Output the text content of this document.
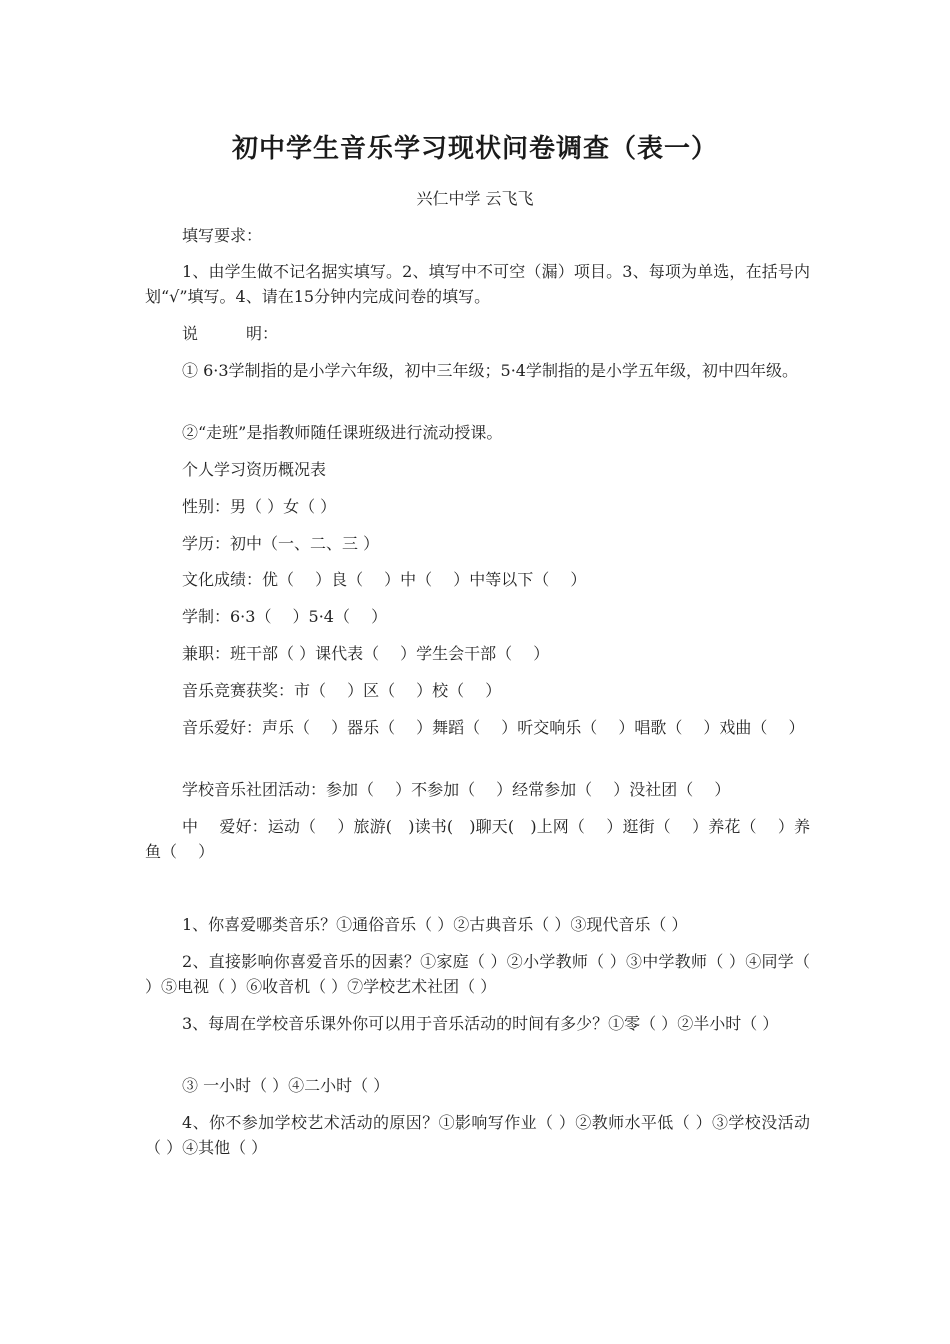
初中学生音乐学习现状问卷调查（表一）
兴仁中学 云飞飞
填写要求：
1、由学生做不记名据实填写。2、填写中不可空（漏）项目。3、每项为单选，在括号内划“√”填写。4、请在15分钟内完成问卷的填写。
说　　　明：
① 6·3学制指的是小学六年级，初中三年级；5·4学制指的是小学五年级，初中四年级。
②“走班”是指教师随任课班级进行流动授课。
个人学习资历概况表
性别：男（ ）女（ ）
学历：初中（一、二、三 ）
文化成绩：优（　 ）良（　 ）中（　 ）中等以下（　 ）
学制：6·3（　 ）5·4（　 ）
兼职：班干部（ ）课代表（　 ）学生会干部（　 ）
音乐竞赛获奖：市（　 ）区（　 ）校（　 ）
音乐爱好：声乐（　 ）器乐（　 ）舞蹈（　 ）听交响乐（　 ）唱歌（　 ）戏曲（　 ）
学校音乐社团活动：参加（　 ）不参加（　 ）经常参加（　 ）没社团（　 ）
中　 爱好：运动（　 ）旅游(　)读书(　)聊天(　)上网（　 ）逛街（　 ）养花（　 ）养鱼（　 ）
1、你喜爱哪类音乐？①通俗音乐（ ）②古典音乐（ ）③现代音乐（ ）
2、直接影响你喜爱音乐的因素？①家庭（ ）②小学教师（ ）③中学教师（ ）④同学（ ）⑤电视（ ）⑥收音机（ ）⑦学校艺术社团（ ）
3、每周在学校音乐课外你可以用于音乐活动的时间有多少？①零（ ）②半小时（ ）
③ 一小时（ ）④二小时（ ）
4、你不参加学校艺术活动的原因？①影响写作业（ ）②教师水平低（ ）③学校没活动（ ）④其他（ ）
